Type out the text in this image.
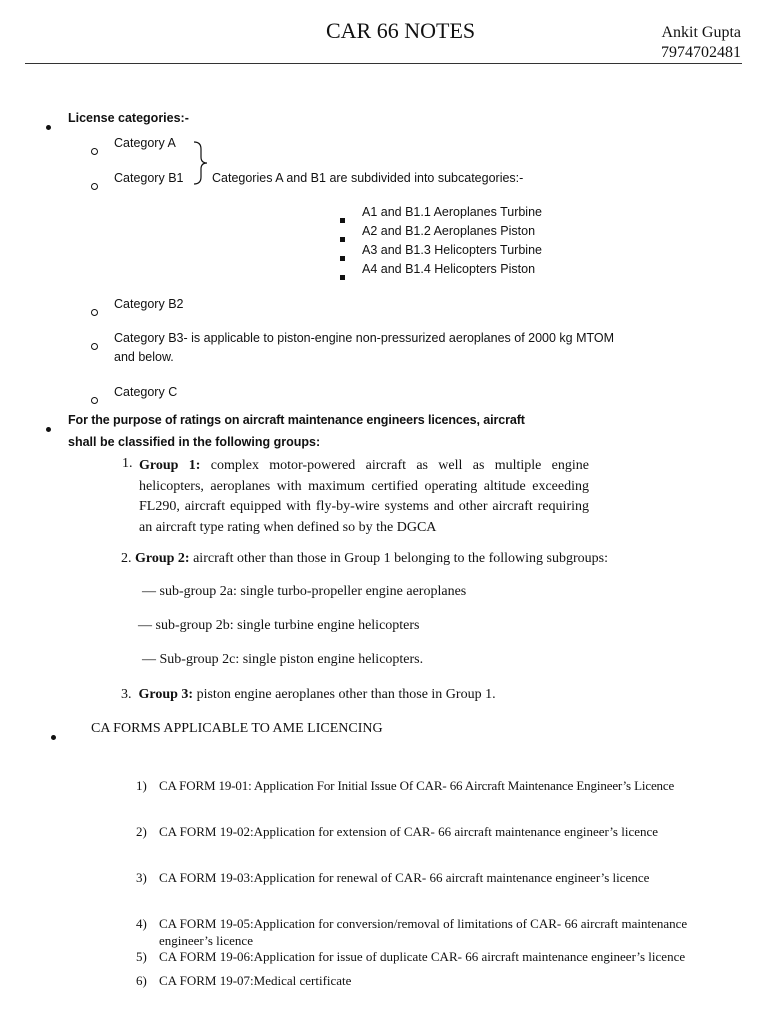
CAR 66 NOTES	Ankit Gupta
7974702481
License categories:-
Category A
Category B1 Categories A and B1 are subdivided into subcategories:-
A1 and B1.1 Aeroplanes Turbine
A2 and B1.2 Aeroplanes Piston
A3 and B1.3 Helicopters Turbine
A4 and B1.4 Helicopters Piston
Category B2
Category B3- is applicable to piston-engine non-pressurized aeroplanes of 2000 kg MTOM
and below.
Category C
For the purpose of ratings on aircraft maintenance engineers licences, aircraft
shall be classified in the following groups:
1. Group 1: complex motor-powered aircraft as well as multiple engine helicopters, aeroplanes with maximum certified operating altitude exceeding FL290, aircraft equipped with fly-by-wire systems and other aircraft requiring an aircraft type rating when defined so by the DGCA
2. Group 2: aircraft other than those in Group 1 belonging to the following subgroups:
— sub-group 2a: single turbo-propeller engine aeroplanes
— sub-group 2b: single turbine engine helicopters
— Sub-group 2c: single piston engine helicopters.
3. Group 3: piston engine aeroplanes other than those in Group 1.
CA FORMS APPLICABLE TO AME LICENCING
1) CA FORM 19-01: Application For Initial Issue Of CAR- 66 Aircraft Maintenance Engineer’s Licence
2) CA FORM 19-02:Application for extension of CAR- 66 aircraft maintenance engineer’s licence
3) CA FORM 19-03:Application for renewal of CAR- 66 aircraft maintenance engineer’s licence
4) CA FORM 19-05:Application for conversion/removal of limitations of CAR- 66 aircraft maintenance
engineer’s licence
5) CA FORM 19-06:Application for issue of duplicate CAR- 66 aircraft maintenance engineer’s licence
6) CA FORM 19-07:Medical certificate
